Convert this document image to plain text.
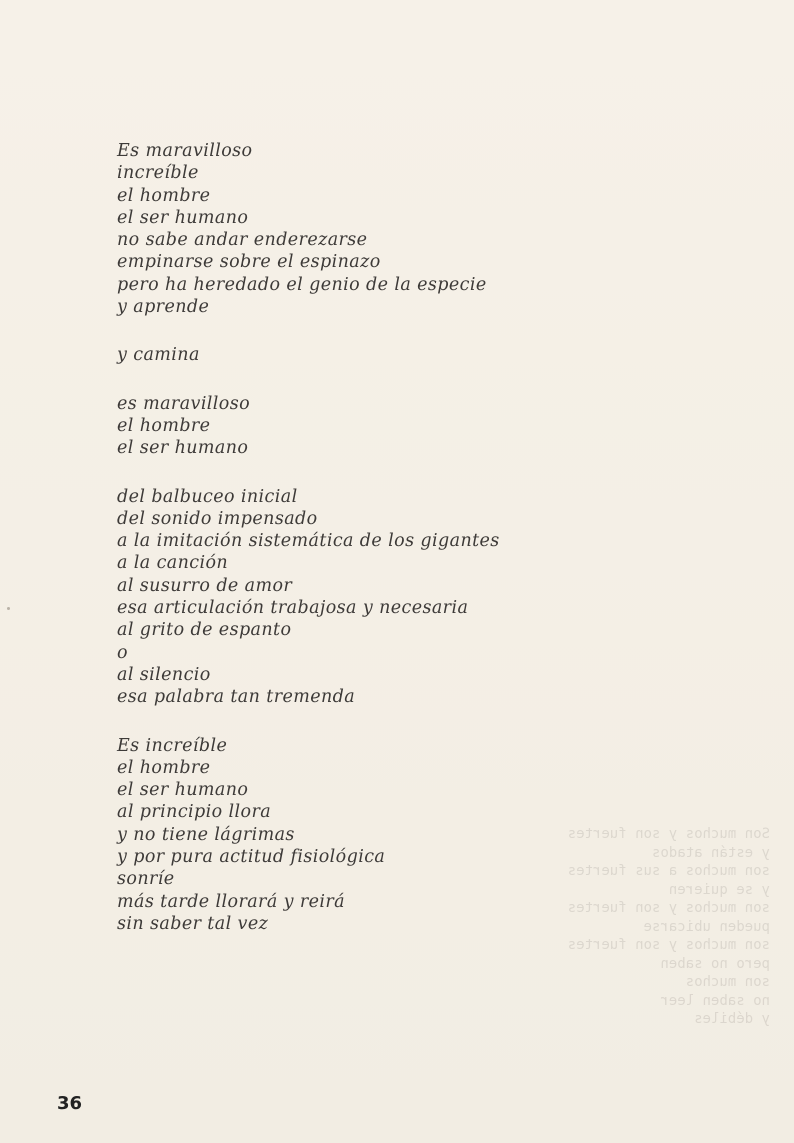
Es maravilloso
increíble
el hombre
el ser humano
no sabe andar enderezarse
empinarse sobre el espinazo
pero ha heredado el genio de la especie
y aprende
y camina
es maravilloso
el hombre
el ser humano
del balbuceo inicial
del sonido impensado
a la imitación sistemática de los gigantes
a la canción
al susurro de amor
esa articulación trabajosa y necesaria
al grito de espanto
o
al silencio
esa palabra tan tremenda
Es increíble
el hombre
el ser humano
al principio llora
y no tiene lágrimas
y por pura actitud fisiológica
sonríe
más tarde llorará y reirá
sin saber tal vez
Son muchos y son fuertes
y están atados
son muchos a sus fuertes
y se quieren
son muchos y son fuertes
pueden ubicarse
son muchos y son fuertes
pero no saben
son muchos
no saben leer
y débiles
36
